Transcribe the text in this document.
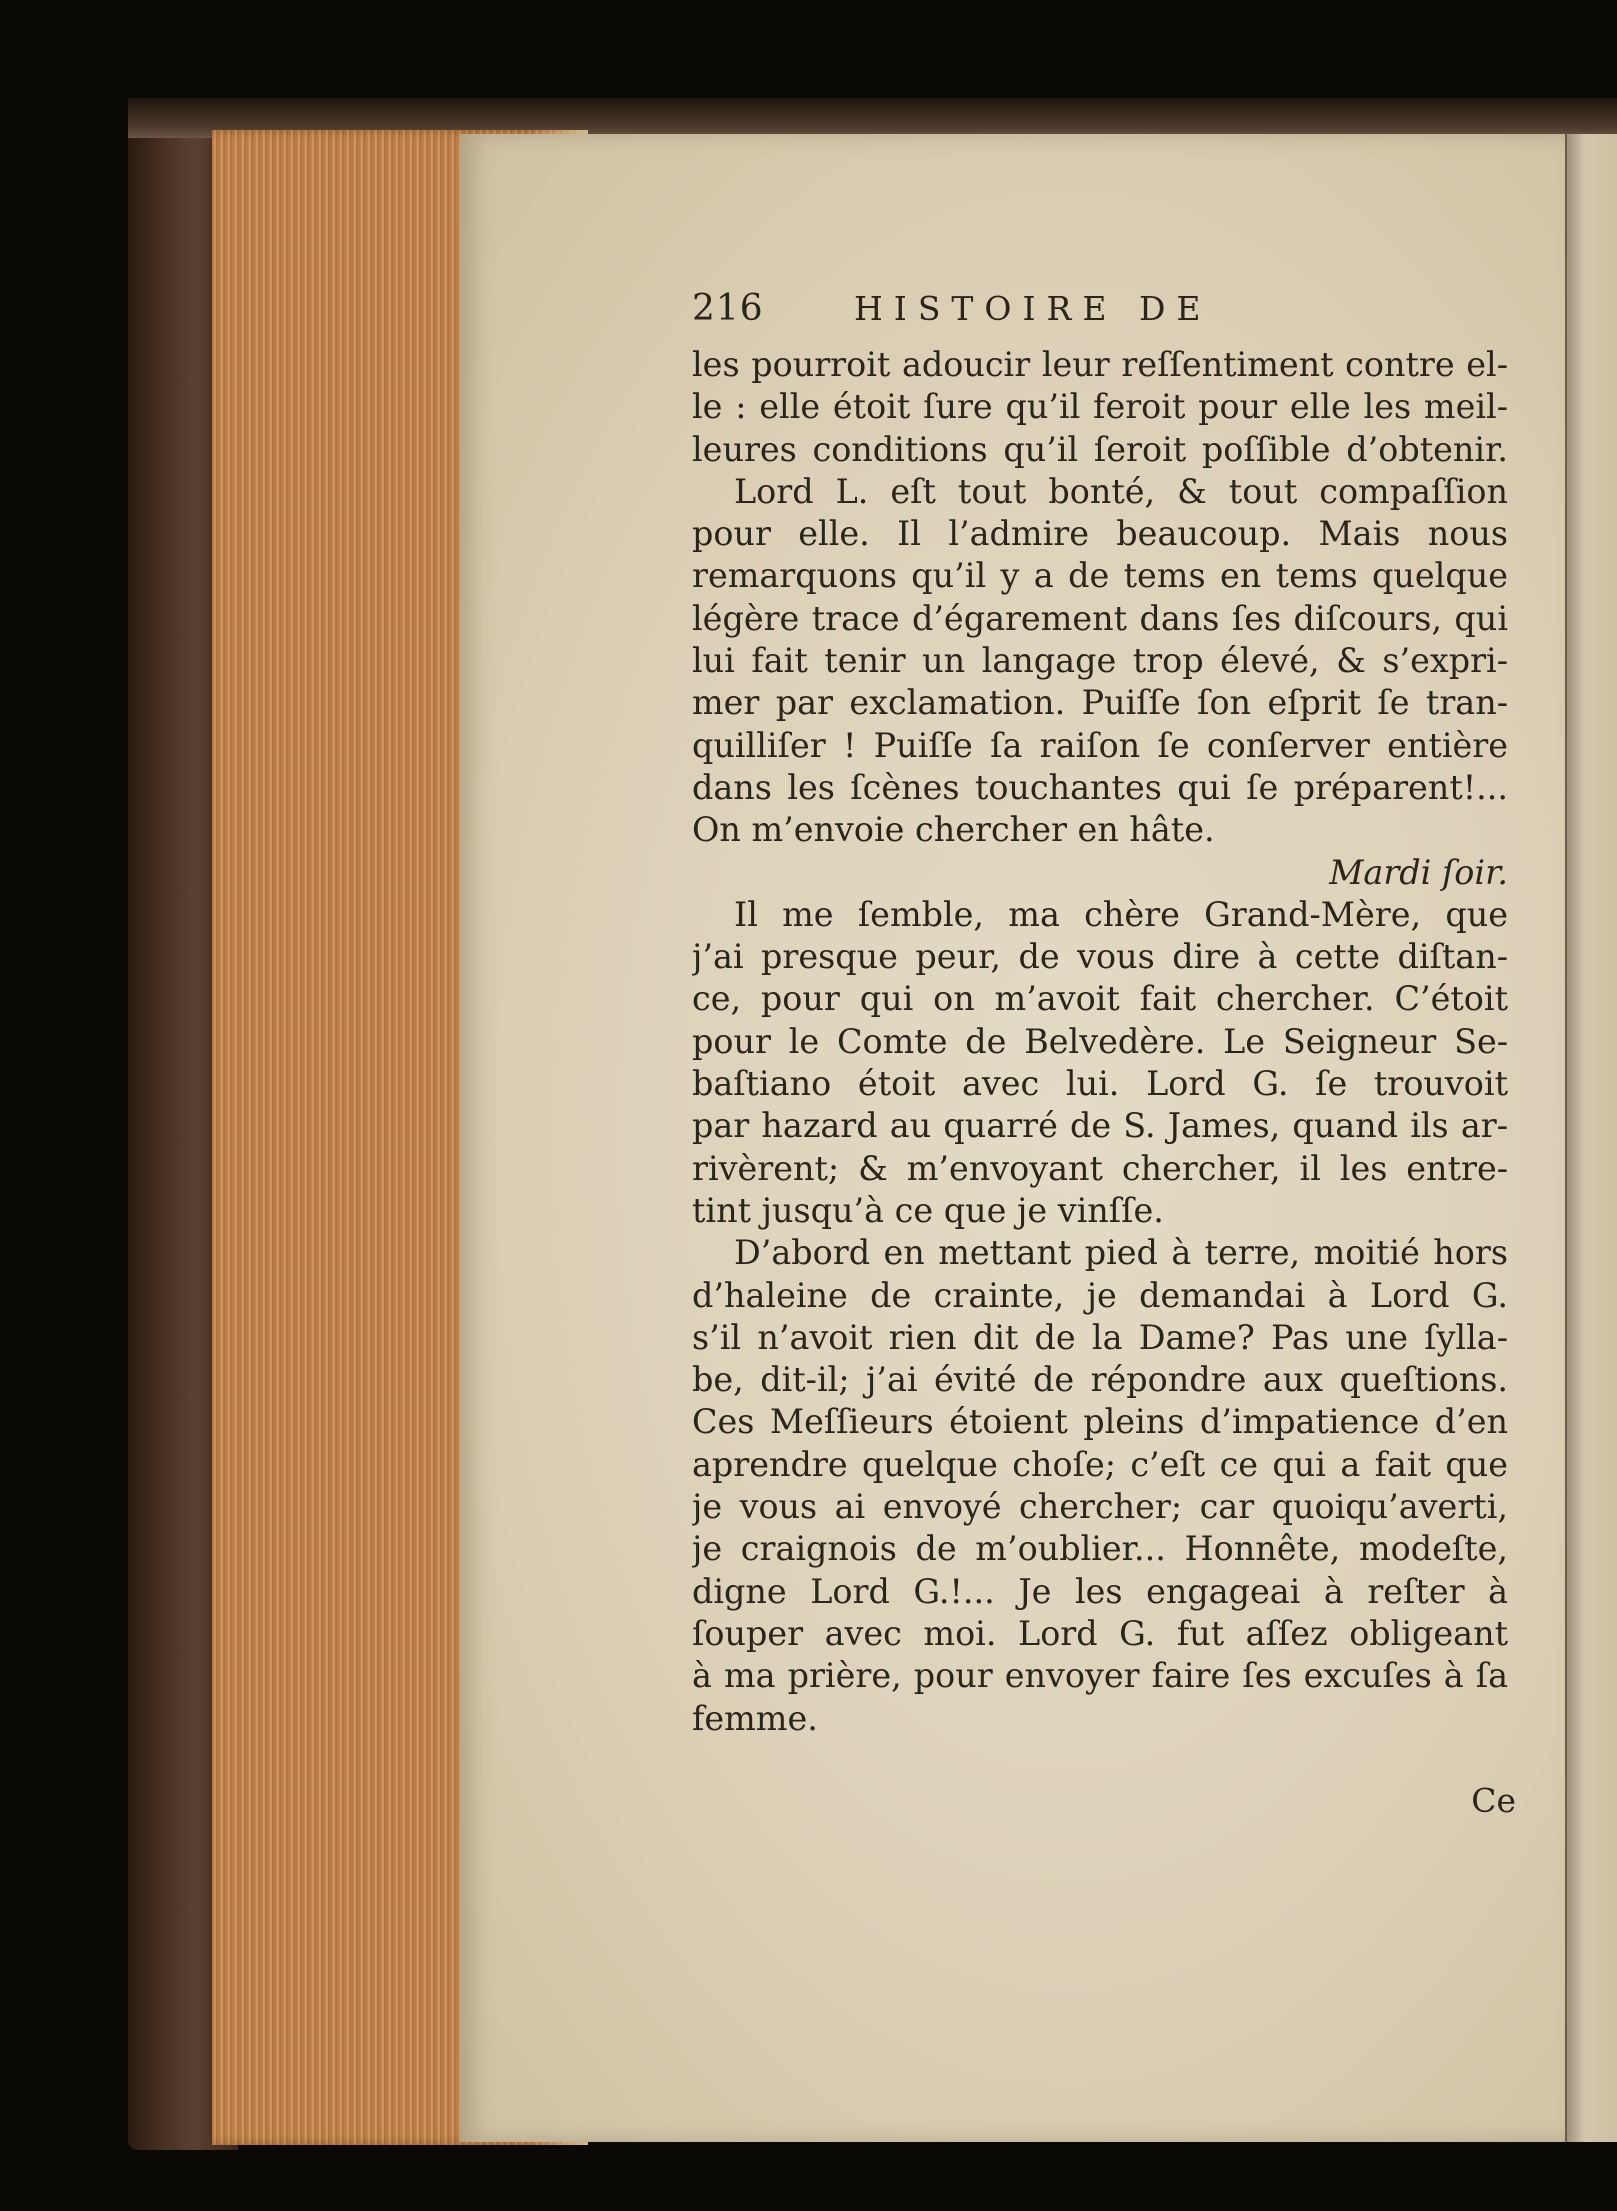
216	HISTOIRE DE
les pourroit adoucir leur reſſentiment contre el-
le : elle étoit ſure qu’il feroit pour elle les meil-
leures conditions qu’il ſeroit poſſible d’obtenir.
Lord L. eſt tout bonté, & tout compaſſion
pour elle. Il l’admire beaucoup. Mais nous
remarquons qu’il y a de tems en tems quelque
légère trace d’égarement dans ſes diſcours, qui
lui fait tenir un langage trop élevé, & s’expri-
mer par exclamation. Puiſſe ſon eſprit ſe tran-
quilliſer ! Puiſſe ſa raiſon ſe conſerver entière
dans les ſcènes touchantes qui ſe préparent!...
On m’envoie chercher en hâte.
Mardi ſoir.
Il me ſemble, ma chère Grand-Mère, que
j’ai presque peur, de vous dire à cette diſtan-
ce, pour qui on m’avoit fait chercher. C’étoit
pour le Comte de Belvedère. Le Seigneur Se-
baſtiano étoit avec lui. Lord G. ſe trouvoit
par hazard au quarré de S. James, quand ils ar-
rivèrent; & m’envoyant chercher, il les entre-
tint jusqu’à ce que je vinſſe.
D’abord en mettant pied à terre, moitié hors
d’haleine de crainte, je demandai à Lord G.
s’il n’avoit rien dit de la Dame? Pas une ſylla-
be, dit-il; j’ai évité de répondre aux queſtions.
Ces Meſſieurs étoient pleins d’impatience d’en
aprendre quelque choſe; c’eſt ce qui a fait que
je vous ai envoyé chercher; car quoiqu’averti,
je craignois de m’oublier... Honnête, modeſte,
digne Lord G.!... Je les engageai à reſter à
ſouper avec moi. Lord G. fut aſſez obligeant
à ma prière, pour envoyer faire ſes excuſes à ſa
femme.
Ce
